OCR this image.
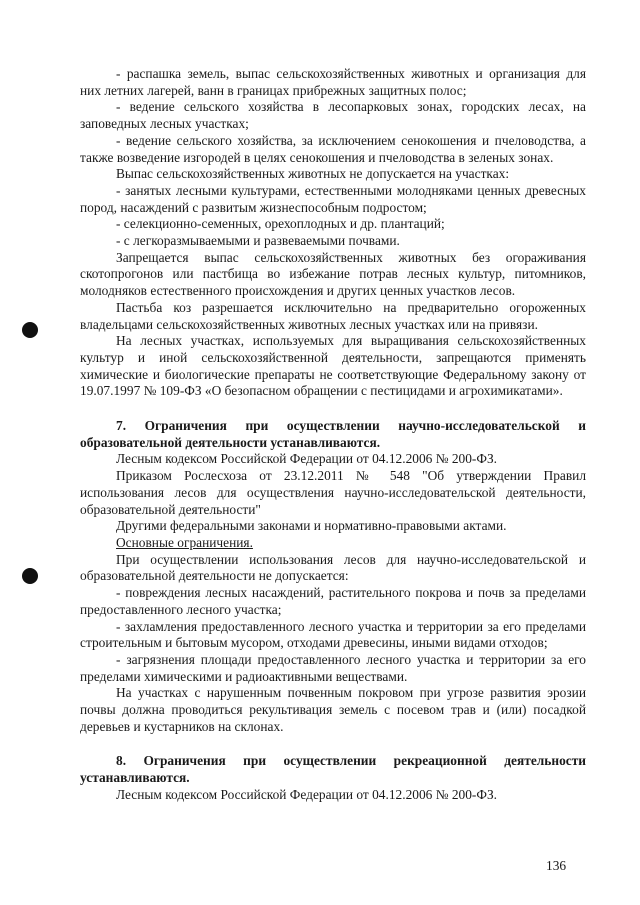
- распашка земель, выпас сельскохозяйственных животных и организация для них летних лагерей, ванн в границах прибрежных защитных полос;

- ведение сельского хозяйства в лесопарковых зонах, городских лесах, на заповедных лесных участках;

- ведение сельского хозяйства, за исключением сенокошения и пчеловодства, а также возведение изгородей в целях сенокошения и пчеловодства в зеленых зонах.

Выпас сельскохозяйственных животных не допускается на участках:

- занятых лесными культурами, естественными молодняками ценных древесных пород, насаждений с развитым жизнеспособным подростом;

- селекционно-семенных, орехоплодных и др. плантаций;

- с легкоразмываемыми и развеваемыми почвами.

Запрещается выпас сельскохозяйственных животных без огораживания скотопрогонов или пастбища во избежание потрав лесных культур, питомников, молодняков естественного происхождения и других ценных участков лесов.

Пастьба коз разрешается исключительно на предварительно огороженных владельцами сельскохозяйственных животных лесных участках или на привязи.

На лесных участках, используемых для выращивания сельскохозяйственных культур и иной сельскохозяйственной деятельности, запрещаются применять химические и биологические препараты не соответствующие Федеральному закону от 19.07.1997 № 109-ФЗ «О безопасном обращении с пестицидами и агрохимикатами».

7. Ограничения при осуществлении научно-исследовательской и образовательной деятельности устанавливаются.

Лесным кодексом Российской Федерации от 04.12.2006 № 200-ФЗ.

Приказом Рослесхоза от 23.12.2011 № 548 "Об утверждении Правил использования лесов для осуществления научно-исследовательской деятельности, образовательной деятельности"

Другими федеральными законами и нормативно-правовыми актами.

Основные ограничения.

При осуществлении использования лесов для научно-исследовательской и образовательной деятельности не допускается:

- повреждения лесных насаждений, растительного покрова и почв за пределами предоставленного лесного участка;

- захламления предоставленного лесного участка и территории за его пределами строительным и бытовым мусором, отходами древесины, иными видами отходов;

- загрязнения площади предоставленного лесного участка и территории за его пределами химическими и радиоактивными веществами.

На участках с нарушенным почвенным покровом при угрозе развития эрозии почвы должна проводиться рекультивация земель с посевом трав и (или) посадкой деревьев и кустарников на склонах.

8. Ограничения при осуществлении рекреационной деятельности устанавливаются.

Лесным кодексом Российской Федерации от 04.12.2006 № 200-ФЗ.

136
